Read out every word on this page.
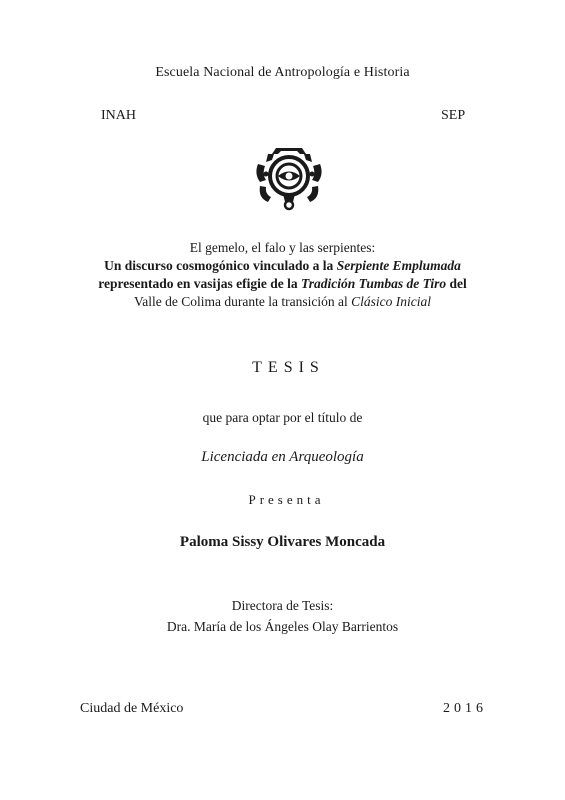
Escuela Nacional de Antropología e Historia
INAH	SEP
El gemelo, el falo y las serpientes:
Un discurso cosmogónico vinculado a la Serpiente Emplumada
representado en vasijas efigie de la Tradición Tumbas de Tiro del
Valle de Colima durante la transición al Clásico Inicial
TESIS
que para optar por el título de
Licenciada en Arqueología
Presenta
Paloma Sissy Olivares Moncada
Directora de Tesis:
Dra. María de los Ángeles Olay Barrientos
Ciudad de México	2016
